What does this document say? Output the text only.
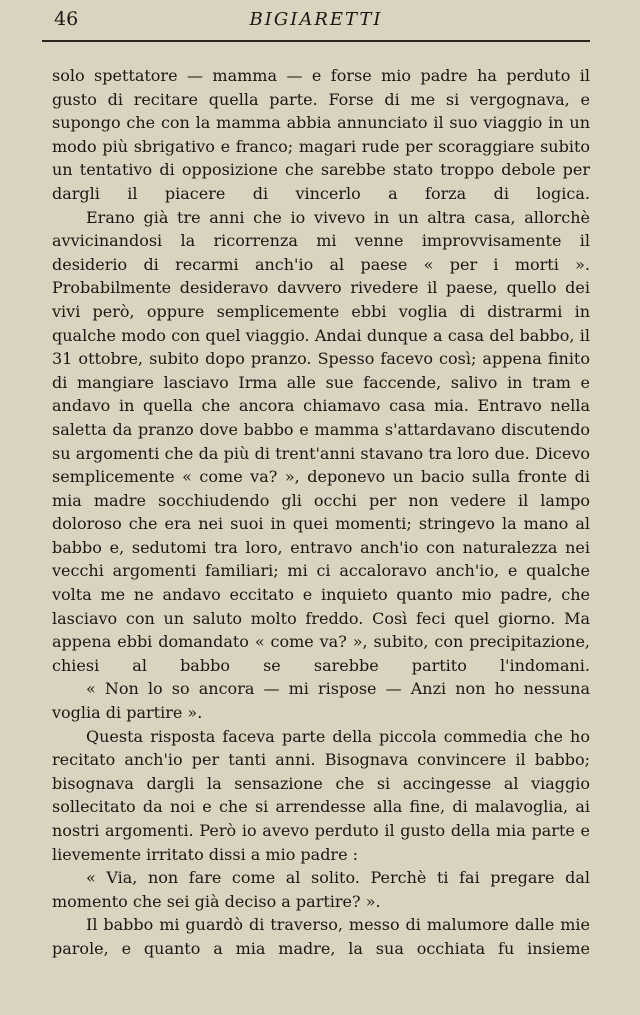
46	BIGIARETTI

solo spettatore — mamma — e forse mio padre ha perduto il gusto di recitare quella parte. Forse di me si vergognava, e supongo che con la mamma abbia annunciato il suo viaggio in un modo più sbrigativo e franco; magari rude per scoraggiare subito un tentativo di opposizione che sarebbe stato troppo debole per dargli il piacere di vincerlo a forza di logica.

Erano già tre anni che io vivevo in un altra casa, allorchè avvicinandosi la ricorrenza mi venne improvvisamente il desiderio di recarmi anch'io al paese « per i morti ». Probabilmente desideravo davvero rivedere il paese, quello dei vivi però, oppure semplicemente ebbi voglia di distrarmi in qualche modo con quel viaggio. Andai dunque a casa del babbo, il 31 ottobre, subito dopo pranzo. Spesso facevo così; appena finito di mangiare lasciavo Irma alle sue faccende, salivo in tram e andavo in quella che ancora chiamavo casa mia. Entravo nella saletta da pranzo dove babbo e mamma s'attardavano discutendo su argomenti che da più di trent'anni stavano tra loro due. Dicevo semplicemente « come va? », deponevo un bacio sulla fronte di mia madre socchiudendo gli occhi per non vedere il lampo doloroso che era nei suoi in quei momenti; stringevo la mano al babbo e, sedutomi tra loro, entravo anch'io con naturalezza nei vecchi argomenti familiari; mi ci accaloravo anch'io, e qualche volta me ne andavo eccitato e inquieto quanto mio padre, che lasciavo con un saluto molto freddo. Così feci quel giorno. Ma appena ebbi domandato « come va? », subito, con precipitazione, chiesi al babbo se sarebbe partito l'indomani.

« Non lo so ancora — mi rispose — Anzi non ho nessuna voglia di partire ».

Questa risposta faceva parte della piccola commedia che ho recitato anch'io per tanti anni. Bisognava convincere il babbo; bisognava dargli la sensazione che si accingesse al viaggio sollecitato da noi e che si arrendesse alla fine, di malavoglia, ai nostri argomenti. Però io avevo perduto il gusto della mia parte e lievemente irritato dissi a mio padre :

« Via, non fare come al solito. Perchè ti fai pregare dal momento che sei già deciso a partire? ».

Il babbo mi guardò di traverso, messo di malumore dalle mie parole, e quanto a mia madre, la sua occhiata fu insieme
